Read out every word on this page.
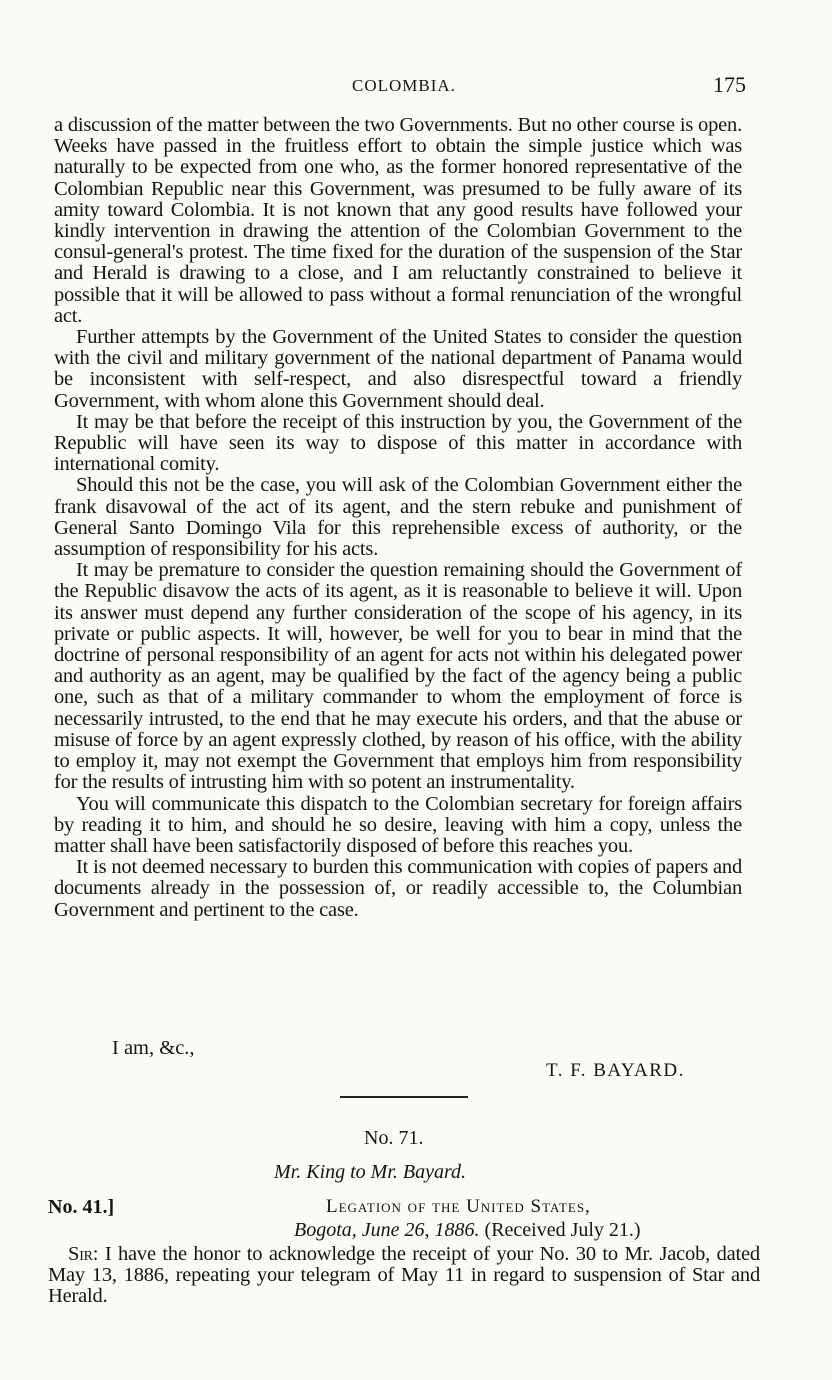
COLOMBIA.	175

a discussion of the matter between the two Governments. But no other course is open. Weeks have passed in the fruitless effort to obtain the simple justice which was naturally to be expected from one who, as the former honored representative of the Colombian Republic near this Government, was presumed to be fully aware of its amity toward Colombia. It is not known that any good results have followed your kindly intervention in drawing the attention of the Colombian Government to the consul-general's protest. The time fixed for the duration of the suspension of the Star and Herald is drawing to a close, and I am reluctantly constrained to believe it possible that it will be allowed to pass without a formal renunciation of the wrongful act.

Further attempts by the Government of the United States to consider the question with the civil and military government of the national department of Panama would be inconsistent with self-respect, and also disrespectful toward a friendly Government, with whom alone this Government should deal.

It may be that before the receipt of this instruction by you, the Government of the Republic will have seen its way to dispose of this matter in accordance with international comity.

Should this not be the case, you will ask of the Colombian Government either the frank disavowal of the act of its agent, and the stern rebuke and punishment of General Santo Domingo Vila for this reprehensible excess of authority, or the assumption of responsibility for his acts.

It may be premature to consider the question remaining should the Government of the Republic disavow the acts of its agent, as it is reasonable to believe it will. Upon its answer must depend any further consideration of the scope of his agency, in its private or public aspects. It will, however, be well for you to bear in mind that the doctrine of personal responsibility of an agent for acts not within his delegated power and authority as an agent, may be qualified by the fact of the agency being a public one, such as that of a military commander to whom the employment of force is necessarily intrusted, to the end that he may execute his orders, and that the abuse or misuse of force by an agent expressly clothed, by reason of his office, with the ability to employ it, may not exempt the Government that employs him from responsibility for the results of intrusting him with so potent an instrumentality.

You will communicate this dispatch to the Colombian secretary for foreign affairs by reading it to him, and should he so desire, leaving with him a copy, unless the matter shall have been satisfactorily disposed of before this reaches you.

It is not deemed necessary to burden this communication with copies of papers and documents already in the possession of, or readily accessible to, the Columbian Government and pertinent to the case.

I am, &c.,
T. F. BAYARD.
No. 71.
Mr. King to Mr. Bayard.
No. 41.]	Legation of the United States,
Bogota, June 26, 1886. (Received July 21.)

Sir: I have the honor to acknowledge the receipt of your No. 30 to Mr. Jacob, dated May 13, 1886, repeating your telegram of May 11 in regard to suspension of Star and Herald.
